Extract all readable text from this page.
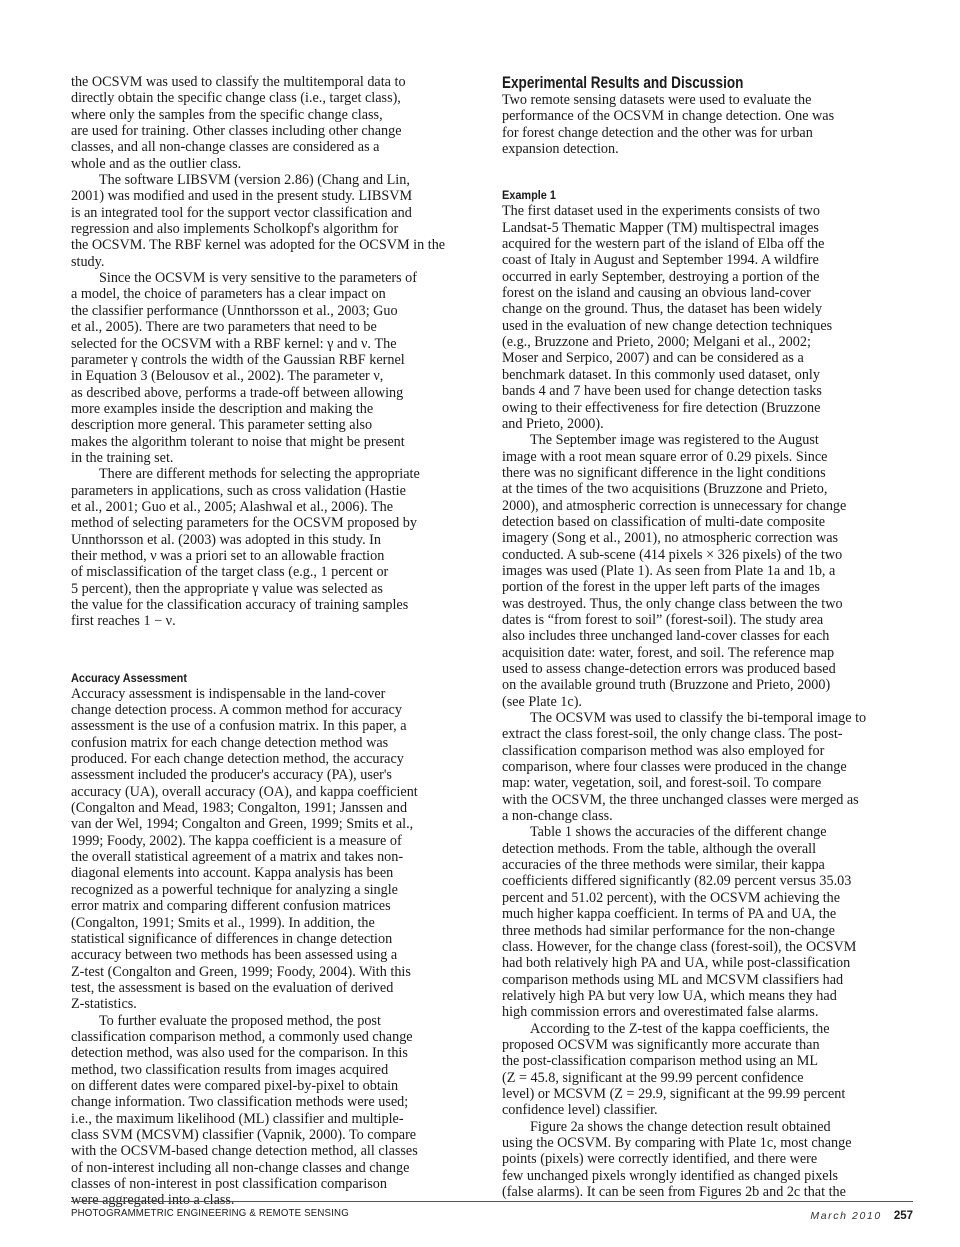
the OCSVM was used to classify the multitemporal data to
directly obtain the specific change class (i.e., target class),
where only the samples from the specific change class,
are used for training. Other classes including other change
classes, and all non-change classes are considered as a
whole and as the outlier class.

The software LIBSVM (version 2.86) (Chang and Lin,
2001) was modified and used in the present study. LIBSVM
is an integrated tool for the support vector classification and
regression and also implements Scholkopf's algorithm for
the OCSVM. The RBF kernel was adopted for the OCSVM in the
study.

Since the OCSVM is very sensitive to the parameters of
a model, the choice of parameters has a clear impact on
the classifier performance (Unnthorsson et al., 2003; Guo
et al., 2005). There are two parameters that need to be
selected for the OCSVM with a RBF kernel: γ and ν. The
parameter γ controls the width of the Gaussian RBF kernel
in Equation 3 (Belousov et al., 2002). The parameter ν,
as described above, performs a trade-off between allowing
more examples inside the description and making the
description more general. This parameter setting also
makes the algorithm tolerant to noise that might be present
in the training set.

There are different methods for selecting the appropriate
parameters in applications, such as cross validation (Hastie
et al., 2001; Guo et al., 2005; Alashwal et al., 2006). The
method of selecting parameters for the OCSVM proposed by
Unnthorsson et al. (2003) was adopted in this study. In
their method, ν was a priori set to an allowable fraction
of misclassification of the target class (e.g., 1 percent or
5 percent), then the appropriate γ value was selected as
the value for the classification accuracy of training samples
first reaches 1 − ν.

Accuracy Assessment

Accuracy assessment is indispensable in the land-cover
change detection process. A common method for accuracy
assessment is the use of a confusion matrix. In this paper, a
confusion matrix for each change detection method was
produced. For each change detection method, the accuracy
assessment included the producer's accuracy (PA), user's
accuracy (UA), overall accuracy (OA), and kappa coefficient
(Congalton and Mead, 1983; Congalton, 1991; Janssen and
van der Wel, 1994; Congalton and Green, 1999; Smits et al.,
1999; Foody, 2002). The kappa coefficient is a measure of
the overall statistical agreement of a matrix and takes non-
diagonal elements into account. Kappa analysis has been
recognized as a powerful technique for analyzing a single
error matrix and comparing different confusion matrices
(Congalton, 1991; Smits et al., 1999). In addition, the
statistical significance of differences in change detection
accuracy between two methods has been assessed using a
Z-test (Congalton and Green, 1999; Foody, 2004). With this
test, the assessment is based on the evaluation of derived
Z-statistics.

To further evaluate the proposed method, the post
classification comparison method, a commonly used change
detection method, was also used for the comparison. In this
method, two classification results from images acquired
on different dates were compared pixel-by-pixel to obtain
change information. Two classification methods were used;
i.e., the maximum likelihood (ML) classifier and multiple-
class SVM (MCSVM) classifier (Vapnik, 2000). To compare
with the OCSVM-based change detection method, all classes
of non-interest including all non-change classes and change
classes of non-interest in post classification comparison
were aggregated into a class.

Experimental Results and Discussion

Two remote sensing datasets were used to evaluate the
performance of the OCSVM in change detection. One was
for forest change detection and the other was for urban
expansion detection.

Example 1

The first dataset used in the experiments consists of two
Landsat-5 Thematic Mapper (TM) multispectral images
acquired for the western part of the island of Elba off the
coast of Italy in August and September 1994. A wildfire
occurred in early September, destroying a portion of the
forest on the island and causing an obvious land-cover
change on the ground. Thus, the dataset has been widely
used in the evaluation of new change detection techniques
(e.g., Bruzzone and Prieto, 2000; Melgani et al., 2002;
Moser and Serpico, 2007) and can be considered as a
benchmark dataset. In this commonly used dataset, only
bands 4 and 7 have been used for change detection tasks
owing to their effectiveness for fire detection (Bruzzone
and Prieto, 2000).

The September image was registered to the August
image with a root mean square error of 0.29 pixels. Since
there was no significant difference in the light conditions
at the times of the two acquisitions (Bruzzone and Prieto,
2000), and atmospheric correction is unnecessary for change
detection based on classification of multi-date composite
imagery (Song et al., 2001), no atmospheric correction was
conducted. A sub-scene (414 pixels × 326 pixels) of the two
images was used (Plate 1). As seen from Plate 1a and 1b, a
portion of the forest in the upper left parts of the images
was destroyed. Thus, the only change class between the two
dates is “from forest to soil” (forest-soil). The study area
also includes three unchanged land-cover classes for each
acquisition date: water, forest, and soil. The reference map
used to assess change-detection errors was produced based
on the available ground truth (Bruzzone and Prieto, 2000)
(see Plate 1c).

The OCSVM was used to classify the bi-temporal image to
extract the class forest-soil, the only change class. The post-
classification comparison method was also employed for
comparison, where four classes were produced in the change
map: water, vegetation, soil, and forest-soil. To compare
with the OCSVM, the three unchanged classes were merged as
a non-change class.

Table 1 shows the accuracies of the different change
detection methods. From the table, although the overall
accuracies of the three methods were similar, their kappa
coefficients differed significantly (82.09 percent versus 35.03
percent and 51.02 percent), with the OCSVM achieving the
much higher kappa coefficient. In terms of PA and UA, the
three methods had similar performance for the non-change
class. However, for the change class (forest-soil), the OCSVM
had both relatively high PA and UA, while post-classification
comparison methods using ML and MCSVM classifiers had
relatively high PA but very low UA, which means they had
high commission errors and overestimated false alarms.

According to the Z-test of the kappa coefficients, the
proposed OCSVM was significantly more accurate than
the post-classification comparison method using an ML
(Z = 45.8, significant at the 99.99 percent confidence
level) or MCSVM (Z = 29.9, significant at the 99.99 percent
confidence level) classifier.

Figure 2a shows the change detection result obtained
using the OCSVM. By comparing with Plate 1c, most change
points (pixels) were correctly identified, and there were
few unchanged pixels wrongly identified as changed pixels
(false alarms). It can be seen from Figures 2b and 2c that the

PHOTOGRAMMETRIC ENGINEERING & REMOTE SENSING	March 2010 257
